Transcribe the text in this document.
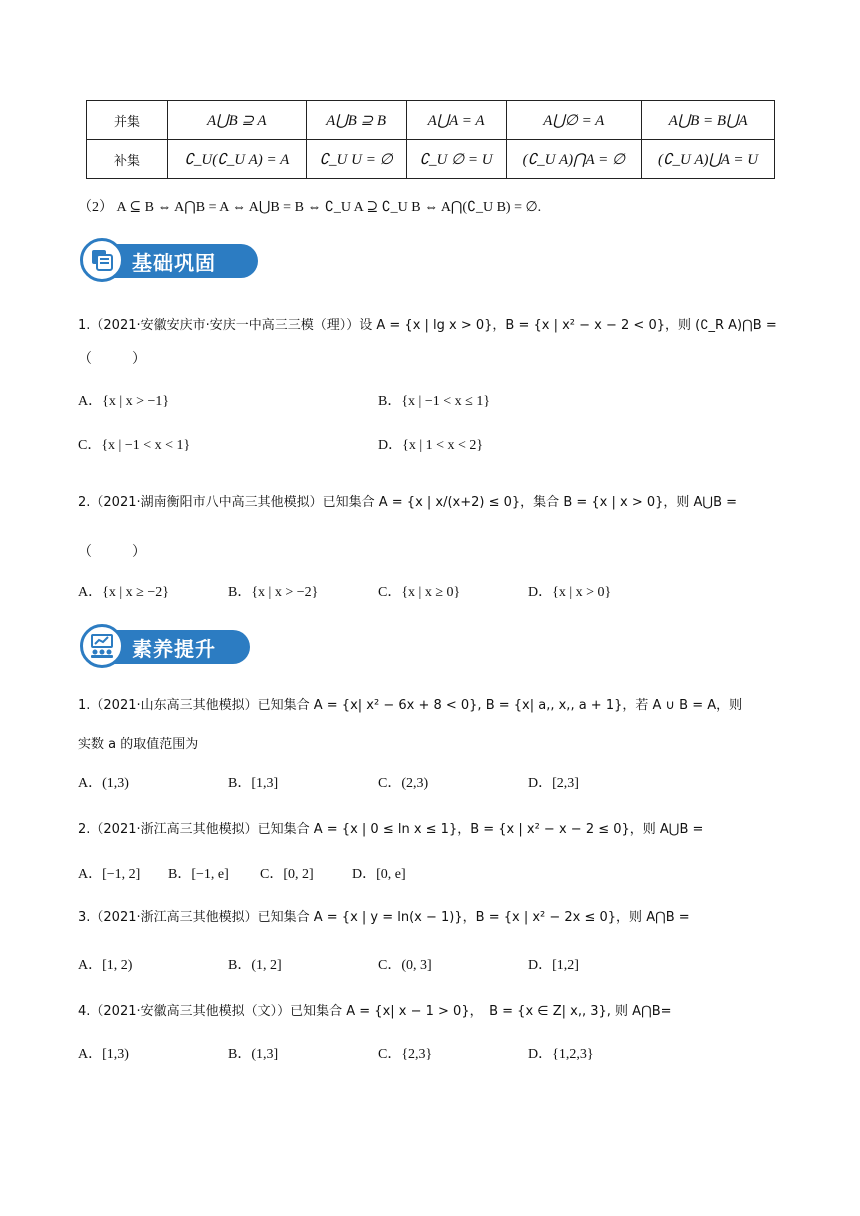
并集	A⋃B ⊇ A	A⋃B ⊇ B	A⋃A = A	A⋃∅ = A	A⋃B = B⋃A
补集	∁_U(∁_U A) = A	∁_U U = ∅	∁_U ∅ = U	(∁_U A)⋂A = ∅	(∁_U A)⋃A = U
（2） A ⊆ B ⇔ A⋂B = A ⇔ A⋃B = B ⇔ ∁_U A ⊇ ∁_U B ⇔ A⋂(∁_U B) = ∅.
基础巩固
1.（2021·安徽安庆市·安庆一中高三三模（理））设 A = {x | lg x > 0}，B = {x | x² − x − 2 < 0}，则 (∁_R A)⋂B =
（　　）
A．{x | x > −1}	B．{x | −1 < x ≤ 1}
C．{x | −1 < x < 1}	D．{x | 1 < x < 2}
2.（2021·湖南衡阳市八中高三其他模拟）已知集合 A = {x | x/(x+2) ≤ 0}，集合 B = {x | x > 0}，则 A⋃B =
（　　）
A．{x | x ≥ −2}	B．{x | x > −2}	C．{x | x ≥ 0}	D．{x | x > 0}
素养提升
1.（2021·山东高三其他模拟）已知集合 A = {x| x² − 6x + 8 < 0}, B = {x| a,, x,, a + 1}，若 A ∪ B = A，则
实数 a 的取值范围为
A．(1,3)	B．[1,3]	C．(2,3)	D．[2,3]
2.（2021·浙江高三其他模拟）已知集合 A = {x | 0 ≤ ln x ≤ 1}，B = {x | x² − x − 2 ≤ 0}，则 A⋃B =
A．[−1, 2] B．[−1, e] C．[0, 2]	D．[0, e]
3.（2021·浙江高三其他模拟）已知集合 A = {x | y = ln(x − 1)}，B = {x | x² − 2x ≤ 0}，则 A⋂B =
A．[1, 2)	B．(1, 2]	C．(0, 3]	D．[1,2]
4.（2021·安徽高三其他模拟（文））已知集合 A = {x| x − 1 > 0}，　B = {x ∈ Z| x,, 3}, 则 A⋂B=
A．[1,3)	B．(1,3]	C．{2,3}	D．{1,2,3}
